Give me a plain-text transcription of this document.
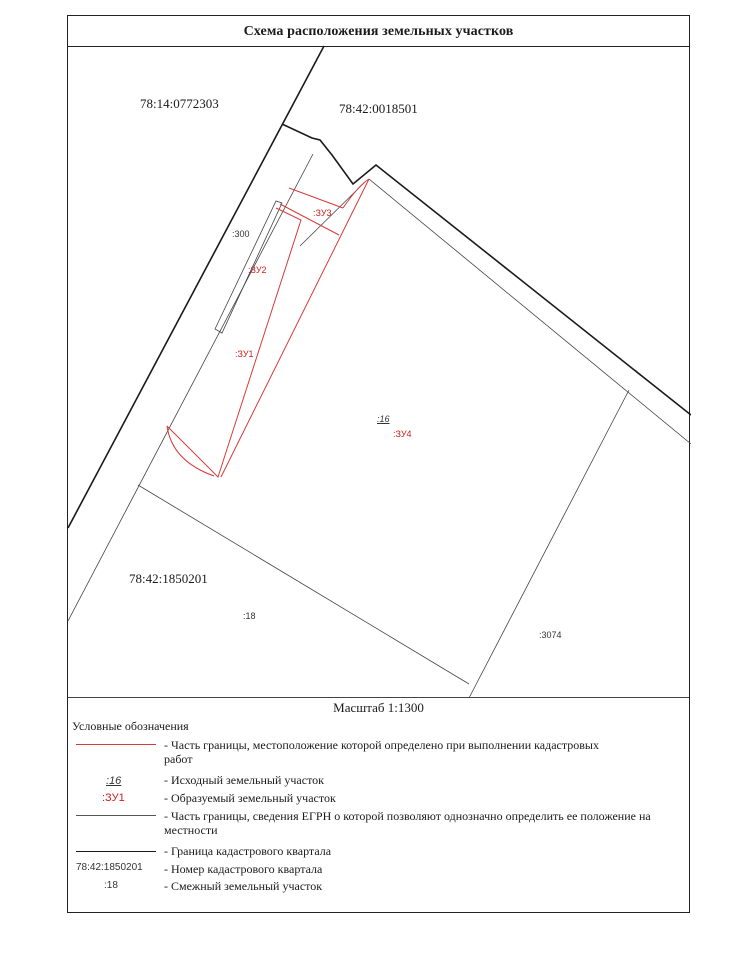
Схема расположения земельных участков
78:14:0772303	78:42:0018501
78:42:1850201
:300
:ЗУ2
:ЗУ3
:ЗУ1
:16
:ЗУ4
:18
:3074
Масштаб 1:1300
Условные обозначения
- Часть границы, местоположение которой определено при выполнении кадастровых работ
:16	- Исходный земельный участок
:ЗУ1	- Образуемый земельный участок
- Часть границы, сведения ЕГРН о которой позволяют однозначно определить ее положение на местности
- Граница кадастрового квартала
78:42:1850201 - Номер кадастрового квартала
:18	- Смежный земельный участок
